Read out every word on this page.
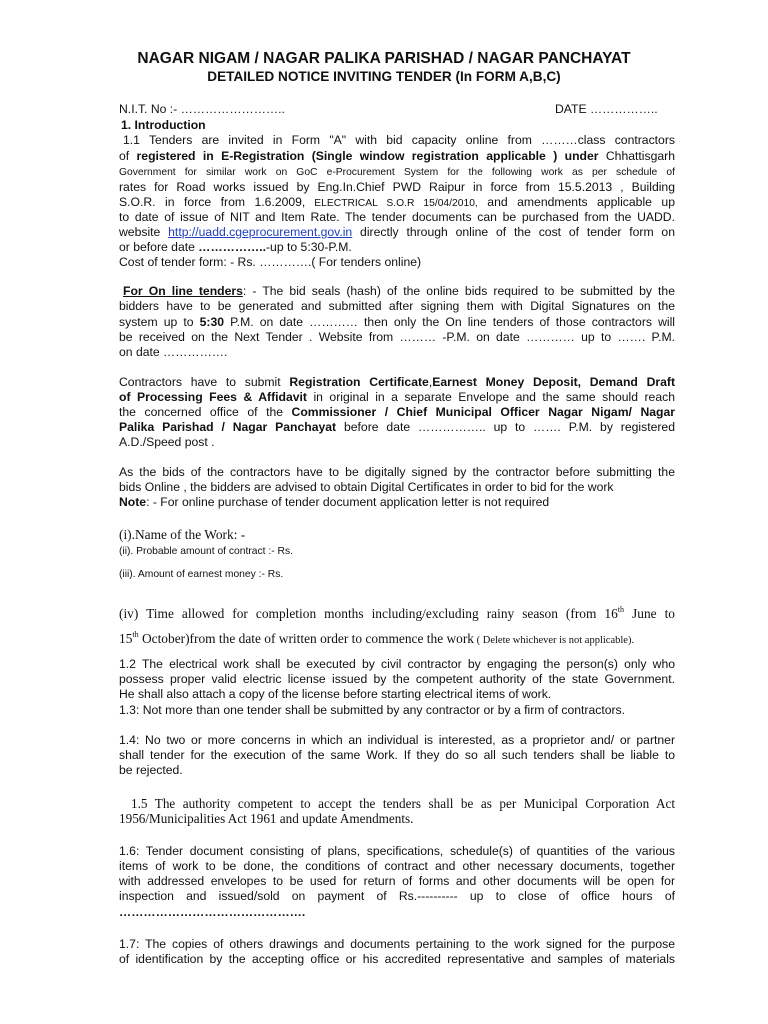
NAGAR NIGAM / NAGAR PALIKA PARISHAD / NAGAR PANCHAYAT
DETAILED NOTICE INVITING TENDER (In FORM A,B,C)
N.I.T. No :- ……………………..	DATE ……………..
1. Introduction
1.1 Tenders are invited in Form "A" with bid capacity online from ………class contractors
of registered in E-Registration (Single window registration applicable ) under Chhattisgarh
Government for similar work on GoC e-Procurement System for the following work as per schedule of
rates for Road works issued by Eng.In.Chief PWD Raipur in force from 15.5.2013 , Building
S.O.R. in force from 1.6.2009, ELECTRICAL S.O.R 15/04/2010, and amendments applicable up
to date of issue of NIT and Item Rate. The tender documents can be purchased from the UADD.
website http://uadd.cgeprocurement.gov.in directly through online of the cost of tender form on
or before date ……………..-up to 5:30-P.M.
Cost of tender form: - Rs. ………….( For tenders online)
For On line tenders: - The bid seals (hash) of the online bids required to be submitted by the
bidders have to be generated and submitted after signing them with Digital Signatures on the
system up to 5:30 P.M. on date ………… then only the On line tenders of those contractors will
be received on the Next Tender . Website from ……… -P.M. on date ………… up to ……. P.M.
on date …………….
Contractors have to submit Registration Certificate,Earnest Money Deposit, Demand Draft
of Processing Fees & Affidavit in original in a separate Envelope and the same should reach
the concerned office of the Commissioner / Chief Municipal Officer Nagar Nigam/ Nagar
Palika Parishad / Nagar Panchayat before date …………….. up to ……. P.M. by registered
A.D./Speed post .
As the bids of the contractors have to be digitally signed by the contractor before submitting the
bids Online , the bidders are advised to obtain Digital Certificates in order to bid for the work
Note: - For online purchase of tender document application letter is not required
(i).Name of the Work: -
(ii). Probable amount of contract :- Rs.
(iii). Amount of earnest money :- Rs.
(iv) Time allowed for completion months including/excluding rainy season (from 16th June to
15th October)from the date of written order to commence the work ( Delete whichever is not applicable).
1.2 The electrical work shall be executed by civil contractor by engaging the person(s) only who
possess proper valid electric license issued by the competent authority of the state Government.
He shall also attach a copy of the license before starting electrical items of work.
1.3: Not more than one tender shall be submitted by any contractor or by a firm of contractors.
1.4: No two or more concerns in which an individual is interested, as a proprietor and/ or partner
shall tender for the execution of the same Work. If they do so all such tenders shall be liable to
be rejected.
1.5 The authority competent to accept the tenders shall be as per Municipal Corporation Act
1956/Municipalities Act 1961 and update Amendments.
1.6: Tender document consisting of plans, specifications, schedule(s) of quantities of the various
items of work to be done, the conditions of contract and other necessary documents, together
with addressed envelopes to be used for return of forms and other documents will be open for
inspection and issued/sold on payment of Rs.---------- up to close of office hours of
……………………………………….
1.7: The copies of others drawings and documents pertaining to the work signed for the purpose
of identification by the accepting office or his accredited representative and samples of materials
